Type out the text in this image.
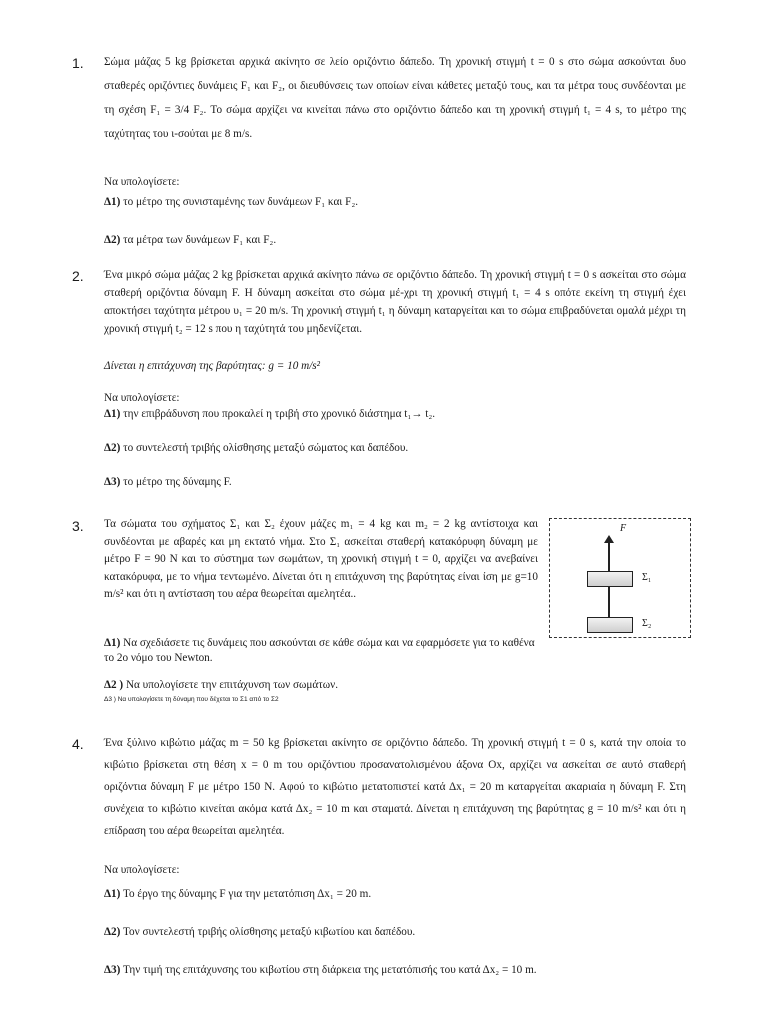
1. Σώμα μάζας 5 kg βρίσκεται αρχικά ακίνητο σε λείο οριζόντιο δάπεδο. Τη χρονική στιγμή t = 0 s στο σώμα ασκούνται δυο σταθερές οριζόντιες δυνάμεις F₁ και F₂, οι διευθύνσεις των οποίων είναι κάθετες μεταξύ τους, και τα μέτρα τους συνδέονται με τη σχέση F₁ = 3/4 F₂. Το σώμα αρχίζει να κινείται πάνω στο οριζόντιο δάπεδο και τη χρονική στιγμή t₁ = 4 s, το μέτρο της ταχύτητας του ι-σούται με 8 m/s.
Να υπολογίσετε:
Δ1) το μέτρο της συνισταμένης των δυνάμεων F₁ και F₂.
Δ2) τα μέτρα των δυνάμεων F₁ και F₂.
2. Ένα μικρό σώμα μάζας 2 kg βρίσκεται αρχικά ακίνητο πάνω σε οριζόντιο δάπεδο. Τη χρονική στιγμή t = 0 s ασκείται στο σώμα σταθερή οριζόντια δύναμη F. Η δύναμη ασκείται στο σώμα μέ-χρι τη χρονική στιγμή t₁ = 4 s οπότε εκείνη τη στιγμή έχει αποκτήσει ταχύτητα μέτρου υ₁ = 20 m/s. Τη χρονική στιγμή t₁ η δύναμη καταργείται και το σώμα επιβραδύνεται ομαλά μέχρι τη χρονική στιγμή t₂ = 12 s που η ταχύτητά του μηδενίζεται.
Δίνεται η επιτάχυνση της βαρύτητας: g = 10 m/s²
Να υπολογίσετε:
Δ1) την επιβράδυνση που προκαλεί η τριβή στο χρονικό διάστημα t₁→ t₂.
Δ2) το συντελεστή τριβής ολίσθησης μεταξύ σώματος και δαπέδου.
Δ3) το μέτρο της δύναμης F.
3. Τα σώματα του σχήματος Σ₁ και Σ₂ έχουν μάζες m₁ = 4 kg και m₂ = 2 kg αντίστοιχα και συνδέονται με αβαρές και μη εκτατό νήμα. Στο Σ₁ ασκείται σταθερή κατακόρυφη δύναμη με μέτρο F = 90 N και το σύστημα των σωμάτων, τη χρονική στιγμή t = 0, αρχίζει να ανεβαίνει κατακόρυφα, με το νήμα τεντωμένο. Δίνεται ότι η επιτάχυνση της βαρύτητας είναι ίση με g=10 m/s² και ότι η αντίσταση του αέρα θεωρείται αμελητέα..
F
Σ₁
Σ₂
Δ1) Να σχεδιάσετε τις δυνάμεις που ασκούνται σε κάθε σώμα και να εφαρμόσετε για το καθένα το 2ο νόμο του Newton.
Δ2 ) Να υπολογίσετε την επιτάχυνση των σωμάτων.
Δ3 ) Να υπολογίσετε τη δύναμη που δέχεται το Σ1 από το Σ2
4. Ένα ξύλινο κιβώτιο μάζας m = 50 kg βρίσκεται ακίνητο σε οριζόντιο δάπεδο. Τη χρονική στιγμή t = 0 s, κατά την οποία το κιβώτιο βρίσκεται στη θέση x = 0 m του οριζόντιου προσανατολισμένου άξονα Ox, αρχίζει να ασκείται σε αυτό σταθερή οριζόντια δύναμη F με μέτρο 150 N. Αφού το κιβώτιο μετατοπιστεί κατά Δx₁ = 20 m καταργείται ακαριαία η δύναμη F. Στη συνέχεια το κιβώτιο κινείται ακόμα κατά Δx₂ = 10 m και σταματά. Δίνεται η επιτάχυνση της βαρύτητας g = 10 m/s² και ότι η επίδραση του αέρα θεωρείται αμελητέα.
Να υπολογίσετε:
Δ1) Το έργο της δύναμης F για την μετατόπιση Δx₁ = 20 m.
Δ2) Τον συντελεστή τριβής ολίσθησης μεταξύ κιβωτίου και δαπέδου.
Δ3) Την τιμή της επιτάχυνσης του κιβωτίου στη διάρκεια της μετατόπισής του κατά Δx₂ = 10 m.
